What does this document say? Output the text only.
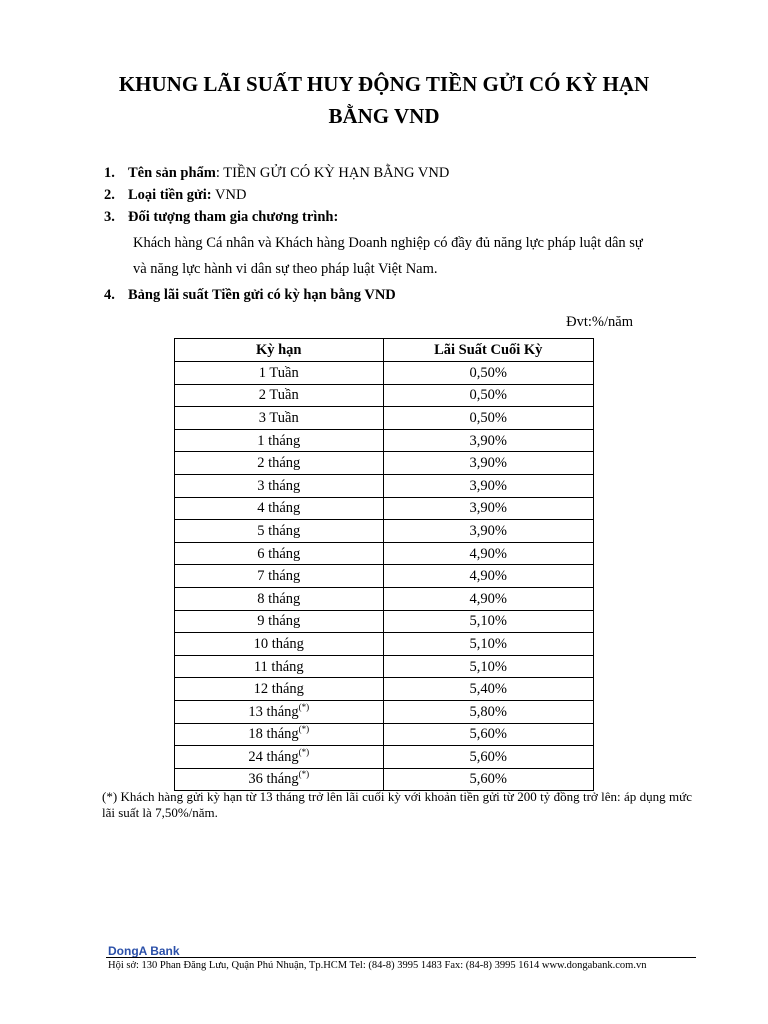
KHUNG LÃI SUẤT HUY ĐỘNG TIỀN GỬI CÓ KỲ HẠN
BẰNG VND
1. Tên sản phẩm: TIỀN GỬI CÓ KỲ HẠN BẰNG VND
2. Loại tiền gửi: VND
3. Đối tượng tham gia chương trình:
Khách hàng Cá nhân và Khách hàng Doanh nghiệp có đầy đủ năng lực pháp luật dân sự
và năng lực hành vi dân sự theo pháp luật Việt Nam.
4. Bảng lãi suất Tiền gửi có kỳ hạn bằng VND
Đvt:%/năm
Kỳ hạn	Lãi Suất Cuối Kỳ
1 Tuần	0,50%
2 Tuần	0,50%
3 Tuần	0,50%
1 tháng	3,90%
2 tháng	3,90%
3 tháng	3,90%
4 tháng	3,90%
5 tháng	3,90%
6 tháng	4,90%
7 tháng	4,90%
8 tháng	4,90%
9 tháng	5,10%
10 tháng	5,10%
11 tháng	5,10%
12 tháng	5,40%
13 tháng(*)	5,80%
18 tháng(*)	5,60%
24 tháng(*)	5,60%
36 tháng(*)	5,60%
(*) Khách hàng gửi kỳ hạn từ 13 tháng trở lên lãi cuối kỳ với khoản tiền gửi từ 200 tỷ đồng trở lên: áp dụng mức lãi suất là 7,50%/năm.
DongA Bank
Hội sở: 130 Phan Đăng Lưu, Quận Phú Nhuận, Tp.HCM Tel: (84-8) 3995 1483 Fax: (84-8) 3995 1614 www.dongabank.com.vn
